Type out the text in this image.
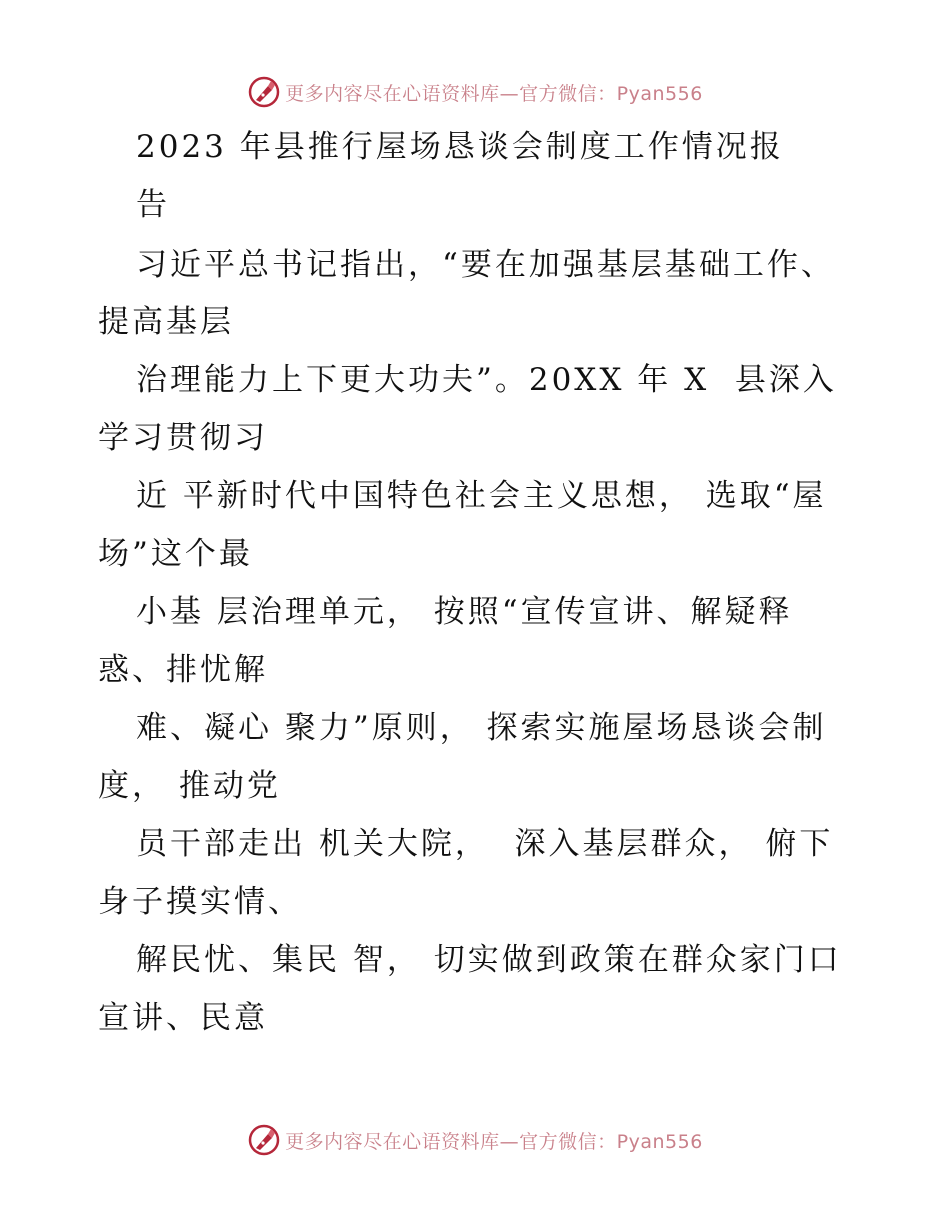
更多内容尽在心语资料库—官方微信：Pyan556
2023 年县推行屋场恳谈会制度工作情况报
告
习近平总书记指出，“要在加强基层基础工作、
提高基层
治理能力上下更大功夫”。20XX 年 X  县深入
学习贯彻习
近 平新时代中国特色社会主义思想， 选取“屋
场”这个最
小基 层治理单元， 按照“宣传宣讲、解疑释
惑、排忧解
难、凝心 聚力”原则， 探索实施屋场恳谈会制
度， 推动党
员干部走出 机关大院，  深入基层群众， 俯下
身子摸实情、
解民忧、集民 智， 切实做到政策在群众家门口
宣讲、民意
更多内容尽在心语资料库—官方微信：Pyan556
